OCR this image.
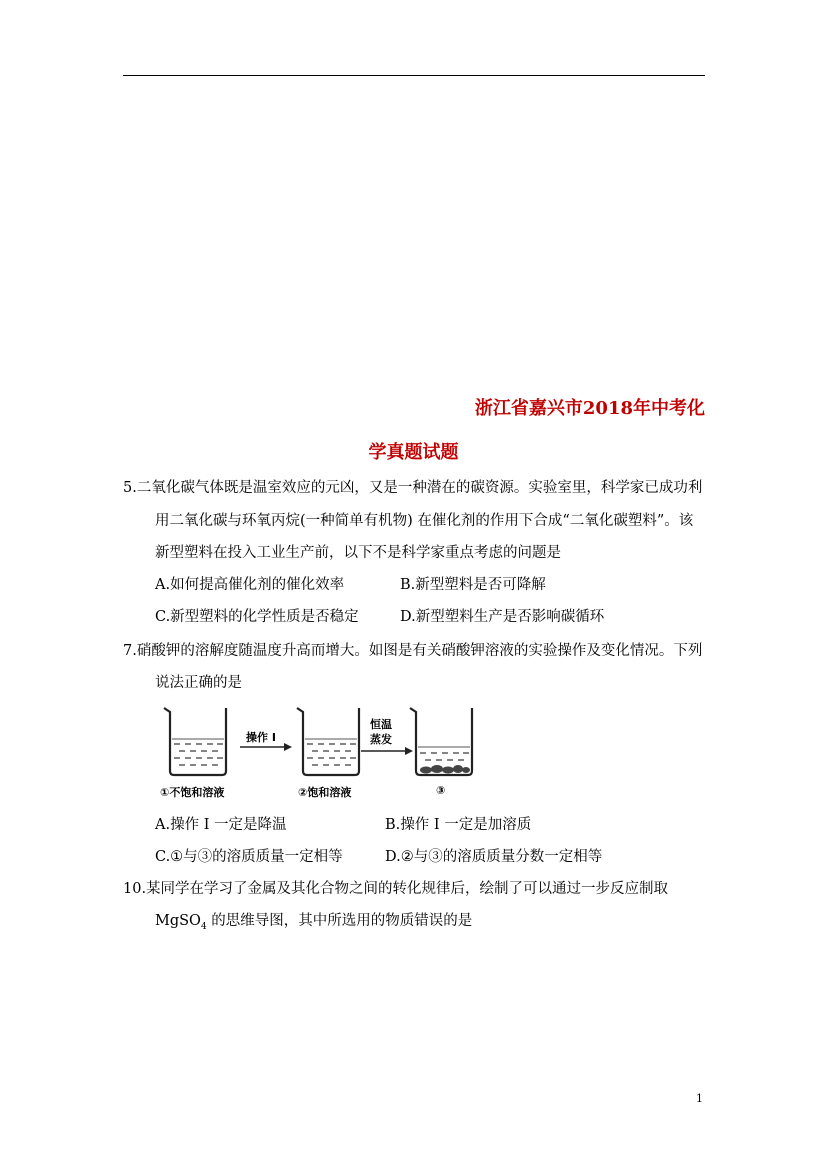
浙江省嘉兴市2018年中考化
学真题试题
5.二氧化碳气体既是温室效应的元凶，又是一种潜在的碳资源。实验室里，科学家已成功利
用二氧化碳与环氧丙烷(一种简单有机物) 在催化剂的作用下合成“二氧化碳塑料”。该
新型塑料在投入工业生产前，以下不是科学家重点考虑的问题是
A.如何提高催化剂的催化效率	B.新型塑料是否可降解
C.新型塑料的化学性质是否稳定	D.新型塑料生产是否影响碳循环
7.硝酸钾的溶解度随温度升高而增大。如图是有关硝酸钾溶液的实验操作及变化情况。下列
说法正确的是
操作 I
恒温
蒸发
①不饱和溶液	②饱和溶液	③
A.操作 I 一定是降温	B.操作 I 一定是加溶质
C.①与③的溶质质量一定相等	D.②与③的溶质质量分数一定相等
10.某同学在学习了金属及其化合物之间的转化规律后，绘制了可以通过一步反应制取
MgSO$_4$ 的思维导图，其中所选用的物质错误的是
1
